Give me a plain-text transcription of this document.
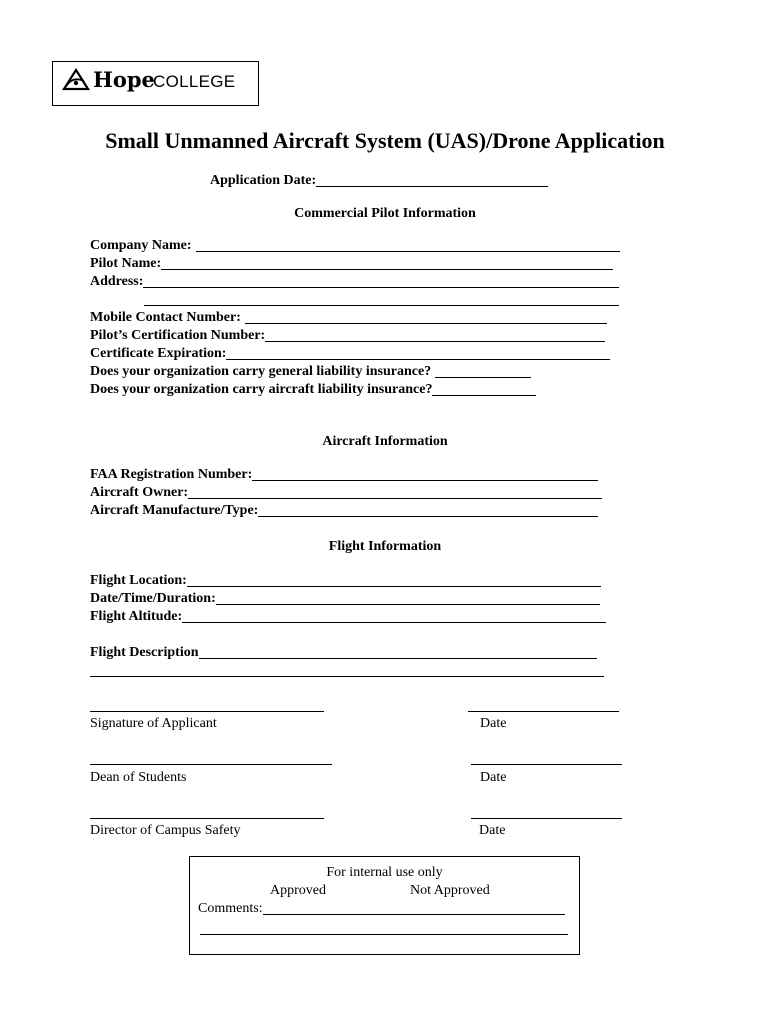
Hope
COLLEGE
Small Unmanned Aircraft System (UAS)/Drone Application
Application Date:
Commercial Pilot Information
Company Name:
Pilot Name:
Address:
Mobile Contact Number:
Pilot’s Certification Number:
Certificate Expiration:
Does your organization carry general liability insurance?
Does your organization carry aircraft liability insurance?
Aircraft Information
FAA Registration Number:
Aircraft Owner:
Aircraft Manufacture/Type:
Flight Information
Flight Location:
Date/Time/Duration:
Flight Altitude:
Flight Description
Signature of Applicant	Date
Dean of Students	Date
Director of Campus Safety	Date
For internal use only
Approved	Not Approved
Comments:
